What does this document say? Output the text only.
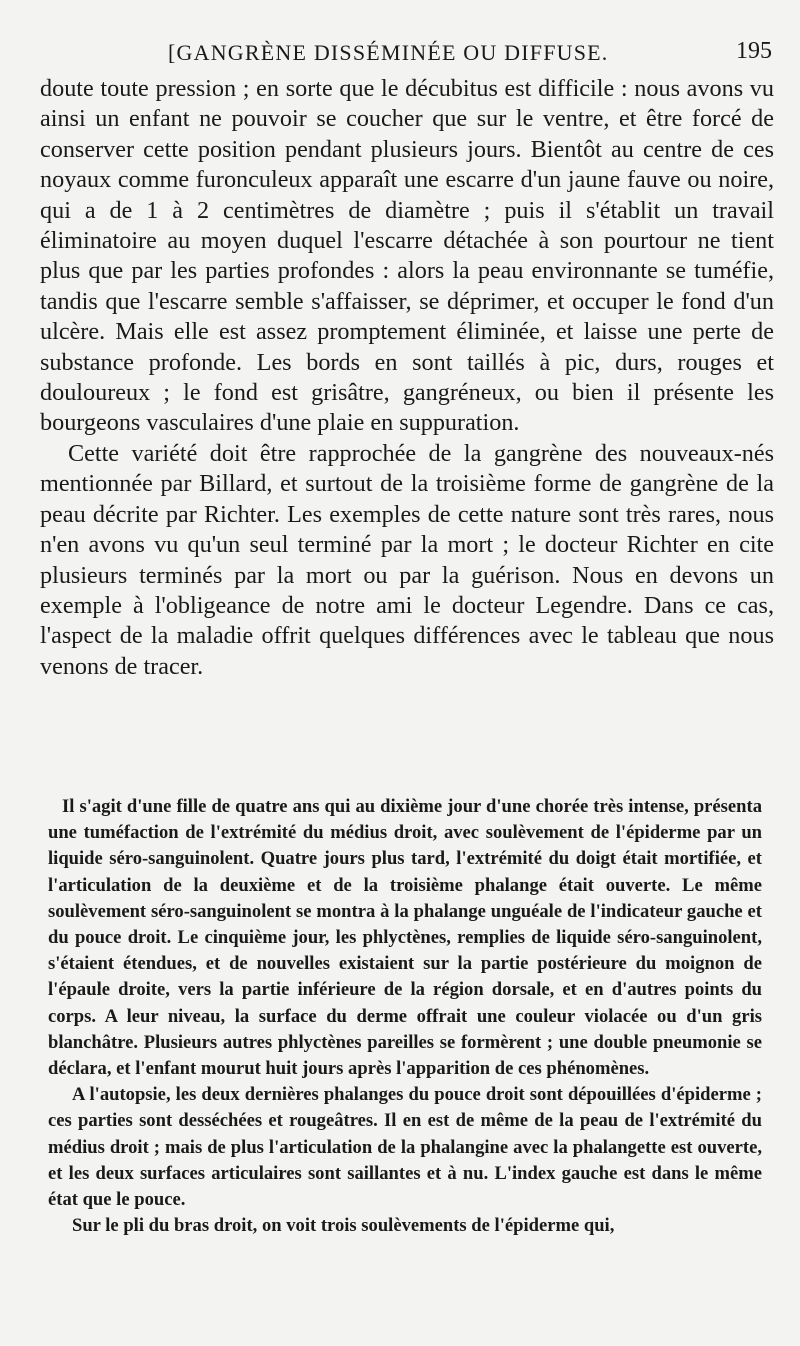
[GANGRÈNE DISSÉMINÉE OU DIFFUSE.	195

doute toute pression ; en sorte que le décubitus est difficile : nous avons vu ainsi un enfant ne pouvoir se coucher que sur le ventre, et être forcé de conserver cette position pendant plusieurs jours. Bientôt au centre de ces noyaux comme furonculeux apparaît une escarre d'un jaune fauve ou noire, qui a de 1 à 2 centimètres de diamètre ; puis il s'établit un travail éliminatoire au moyen duquel l'escarre détachée à son pourtour ne tient plus que par les parties profondes : alors la peau environnante se tuméfie, tandis que l'escarre semble s'affaisser, se déprimer, et occuper le fond d'un ulcère. Mais elle est assez promptement éliminée, et laisse une perte de substance profonde. Les bords en sont taillés à pic, durs, rouges et douloureux ; le fond est grisâtre, gangréneux, ou bien il présente les bourgeons vasculaires d'une plaie en suppuration.

Cette variété doit être rapprochée de la gangrène des nouveaux-nés mentionnée par Billard, et surtout de la troisième forme de gangrène de la peau décrite par Richter. Les exemples de cette nature sont très rares, nous n'en avons vu qu'un seul terminé par la mort ; le docteur Richter en cite plusieurs terminés par la mort ou par la guérison. Nous en devons un exemple à l'obligeance de notre ami le docteur Legendre. Dans ce cas, l'aspect de la maladie offrit quelques différences avec le tableau que nous venons de tracer.

Il s'agit d'une fille de quatre ans qui au dixième jour d'une chorée très intense, présenta une tuméfaction de l'extrémité du médius droit, avec soulèvement de l'épiderme par un liquide séro-sanguinolent. Quatre jours plus tard, l'extrémité du doigt était mortifiée, et l'articulation de la deuxième et de la troisième phalange était ouverte. Le même soulèvement séro-sanguinolent se montra à la phalange unguéale de l'indicateur gauche et du pouce droit. Le cinquième jour, les phlyctènes, remplies de liquide séro-sanguinolent, s'étaient étendues, et de nouvelles existaient sur la partie postérieure du moignon de l'épaule droite, vers la partie inférieure de la région dorsale, et en d'autres points du corps. A leur niveau, la surface du derme offrait une couleur violacée ou d'un gris blanchâtre. Plusieurs autres phlyctènes pareilles se formèrent ; une double pneumonie se déclara, et l'enfant mourut huit jours après l'apparition de ces phénomènes.

A l'autopsie, les deux dernières phalanges du pouce droit sont dépouillées d'épiderme ; ces parties sont desséchées et rougeâtres. Il en est de même de la peau de l'extrémité du médius droit ; mais de plus l'articulation de la phalangine avec la phalangette est ouverte, et les deux surfaces articulaires sont saillantes et à nu. L'index gauche est dans le même état que le pouce.

Sur le pli du bras droit, on voit trois soulèvements de l'épiderme qui,
